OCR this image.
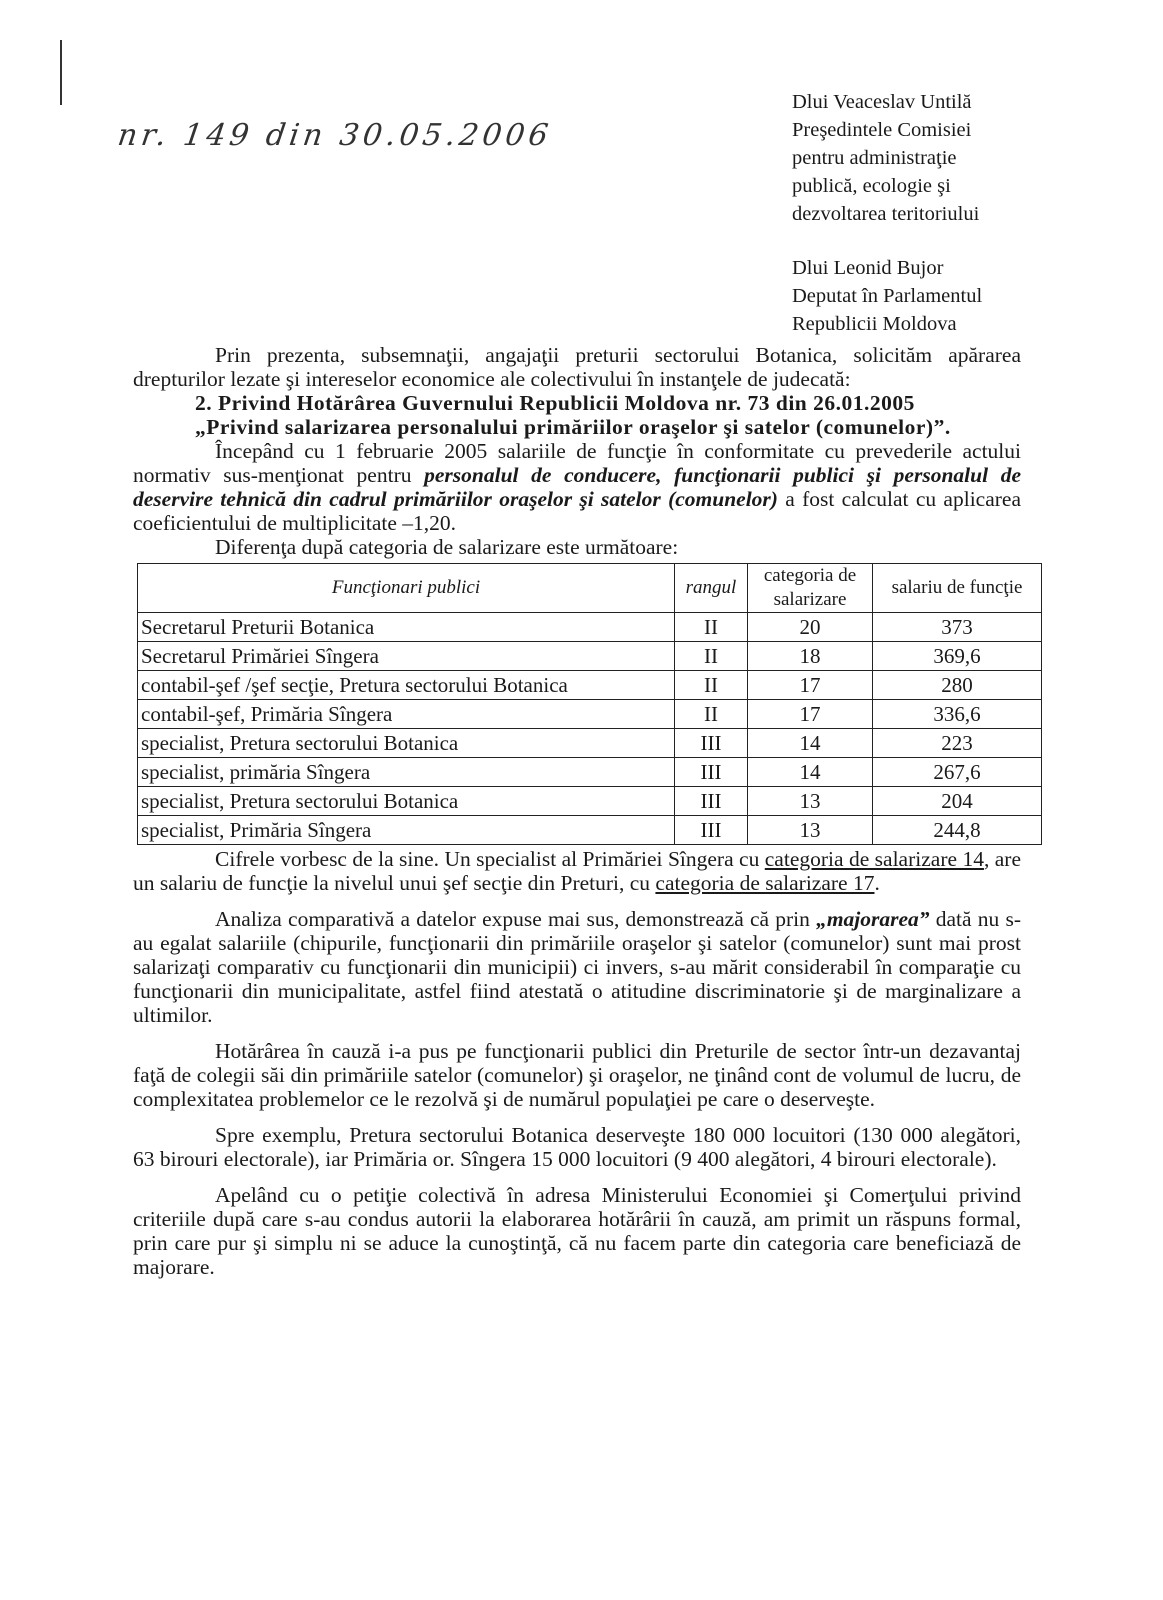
nr. 149 din 30.05.2006
Dlui Veaceslav Untilă
Preşedintele Comisiei
pentru administraţie
publică, ecologie şi
dezvoltarea teritoriului
Dlui Leonid Bujor
Deputat în Parlamentul
Republicii Moldova

Prin prezenta, subsemnaţii, angajaţii preturii sectorului Botanica, solicităm apărarea drepturilor lezate şi intereselor economice ale colectivului în instanţele de judecată:

2. Privind Hotărârea Guvernului Republicii Moldova nr. 73 din 26.01.2005
„Privind salarizarea personalului primăriilor oraşelor şi satelor (comunelor)”.

Începând cu 1 februarie 2005 salariile de funcţie în conformitate cu prevederile actului normativ sus-menţionat pentru personalul de conducere, funcţionarii publici şi personalul de deservire tehnică din cadrul primăriilor oraşelor şi satelor (comunelor) a fost calculat cu aplicarea coeficientului de multiplicitate –1,20.

Diferenţa după categoria de salarizare este următoare:

Funcţionari publici	rangul	categoria de salarizare	salariu de funcţie
Secretarul Preturii Botanica	II	20	373
Secretarul Primăriei Sîngera	II	18	369,6
contabil-şef /şef secţie, Pretura sectorului Botanica	II	17	280
contabil-şef, Primăria Sîngera	II	17	336,6
specialist, Pretura sectorului Botanica	III	14	223
specialist, primăria Sîngera	III	14	267,6
specialist, Pretura sectorului Botanica	III	13	204
specialist, Primăria Sîngera	III	13	244,8

Cifrele vorbesc de la sine. Un specialist al Primăriei Sîngera cu categoria de salarizare 14, are un salariu de funcţie la nivelul unui şef secţie din Preturi, cu categoria de salarizare 17.

Analiza comparativă a datelor expuse mai sus, demonstrează că prin „majorarea” dată nu s-au egalat salariile (chipurile, funcţionarii din primăriile oraşelor şi satelor (comunelor) sunt mai prost salarizaţi comparativ cu funcţionarii din municipii) ci invers, s-au mărit considerabil în comparaţie cu funcţionarii din municipalitate, astfel fiind atestată o atitudine discriminatorie şi de marginalizare a ultimilor.

Hotărârea în cauză i-a pus pe funcţionarii publici din Preturile de sector într-un dezavantaj faţă de colegii săi din primăriile satelor (comunelor) şi oraşelor, ne ţinând cont de volumul de lucru, de complexitatea problemelor ce le rezolvă şi de numărul populaţiei pe care o deserveşte.

Spre exemplu, Pretura sectorului Botanica deserveşte 180 000 locuitori (130 000 alegători, 63 birouri electorale), iar Primăria or. Sîngera 15 000 locuitori (9 400 alegători, 4 birouri electorale).

Apelând cu o petiţie colectivă în adresa Ministerului Economiei şi Comerţului privind criteriile după care s-au condus autorii la elaborarea hotărârii în cauză, am primit un răspuns formal, prin care pur şi simplu ni se aduce la cunoştinţă, că nu facem parte din categoria care beneficiază de majorare.
